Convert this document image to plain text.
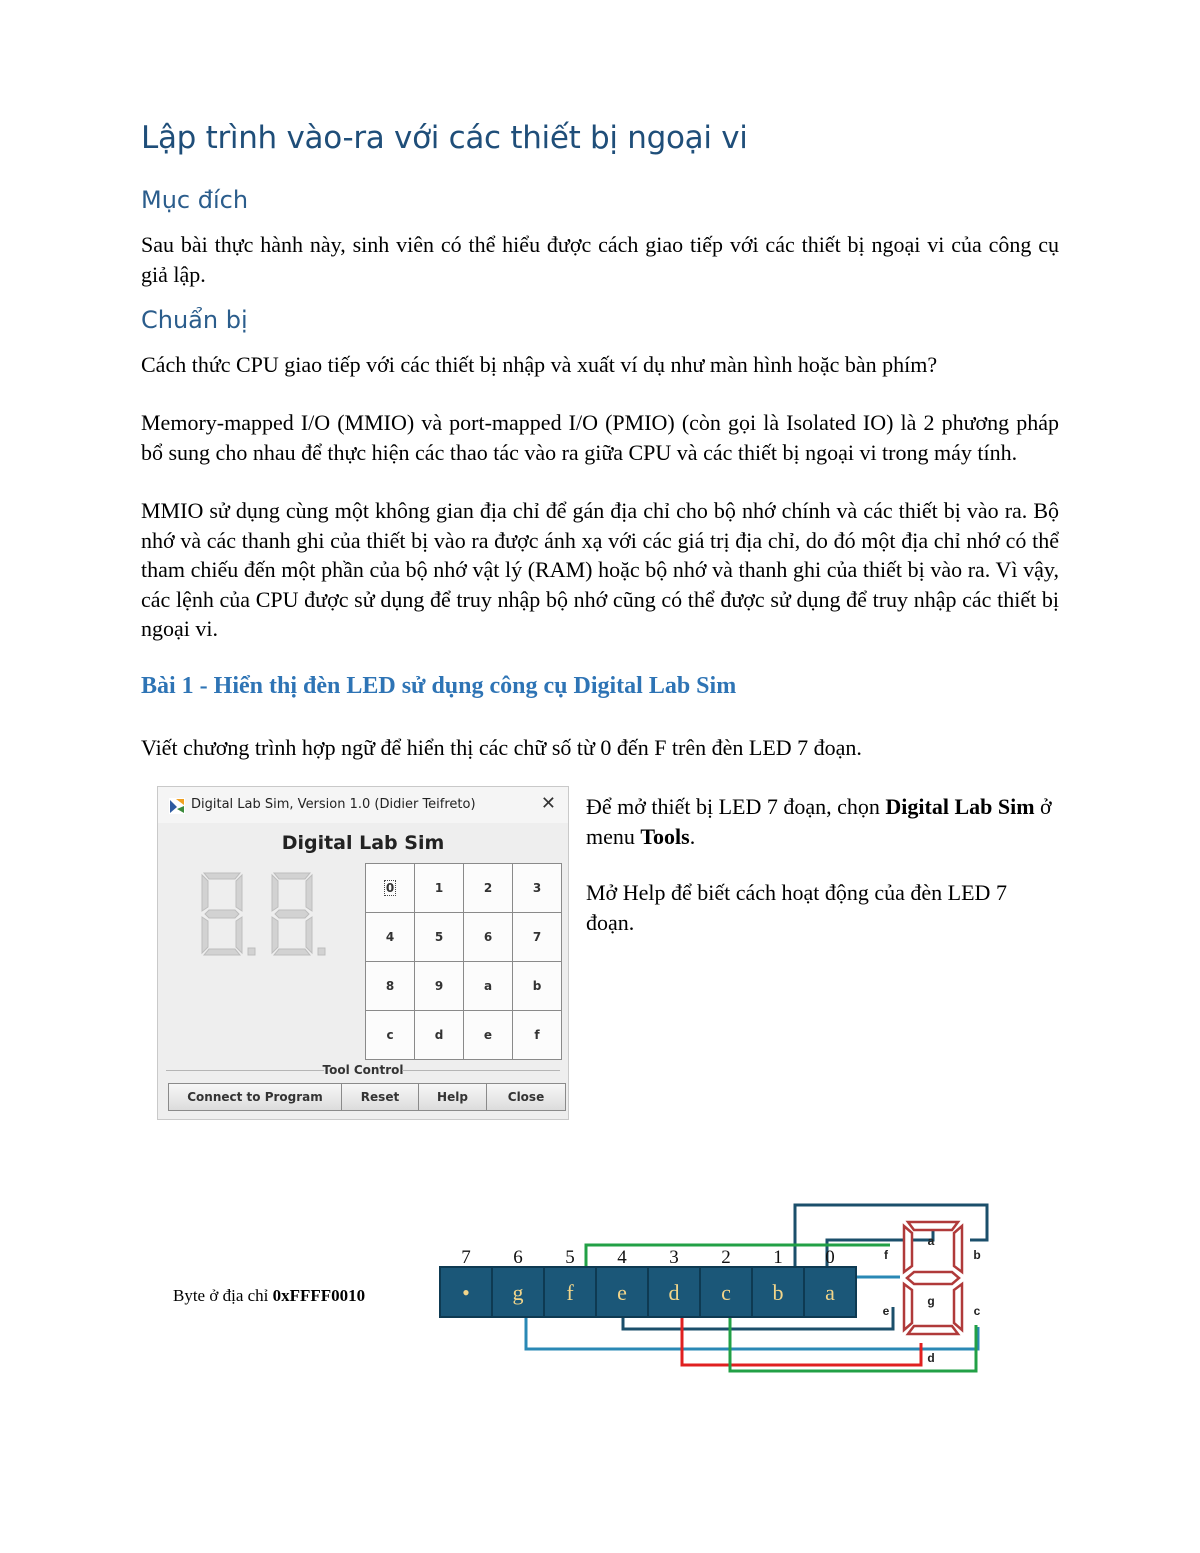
Lập trình vào-ra với các thiết bị ngoại vi
Mục đích

Sau bài thực hành này, sinh viên có thể hiểu được cách giao tiếp với các thiết bị ngoại vi của công cụ giả lập.

Chuẩn bị

Cách thức CPU giao tiếp với các thiết bị nhập và xuất ví dụ như màn hình hoặc bàn phím?

Memory-mapped I/O (MMIO) và port-mapped I/O (PMIO) (còn gọi là Isolated IO) là 2 phương pháp bổ sung cho nhau để thực hiện các thao tác vào ra giữa CPU và các thiết bị ngoại vi trong máy tính.

MMIO sử dụng cùng một không gian địa chỉ để gán địa chỉ cho bộ nhớ chính và các thiết bị vào ra. Bộ nhớ và các thanh ghi của thiết bị vào ra được ánh xạ với các giá trị địa chỉ, do đó một địa chỉ nhớ có thể tham chiếu đến một phần của bộ nhớ vật lý (RAM) hoặc bộ nhớ và thanh ghi của thiết bị vào ra. Vì vậy, các lệnh của CPU được sử dụng để truy nhập bộ nhớ cũng có thể được sử dụng để truy nhập các thiết bị ngoại vi.

Bài 1 - Hiển thị đèn LED sử dụng công cụ Digital Lab Sim

Viết chương trình hợp ngữ để hiển thị các chữ số từ 0 đến F trên đèn LED 7 đoạn.

Digital Lab Sim, Version 1.0 (Didier Teifreto)	✕
Digital Lab Sim
0	1	2	3
4	5	6	7
8	9	a	b
c	d	e	f
Tool Control
Connect to Program	Reset	Help	Close

Để mở thiết bị LED 7 đoạn, chọn Digital Lab Sim ở menu Tools.

Mở Help để biết cách hoạt động của đèn LED 7 đoạn.

Byte ở địa chỉ 0xFFFF0010
a
b
c
d
e
f
g
•
7
g
6
f
5
e
4
d
3
c
2
b
1
a
0
